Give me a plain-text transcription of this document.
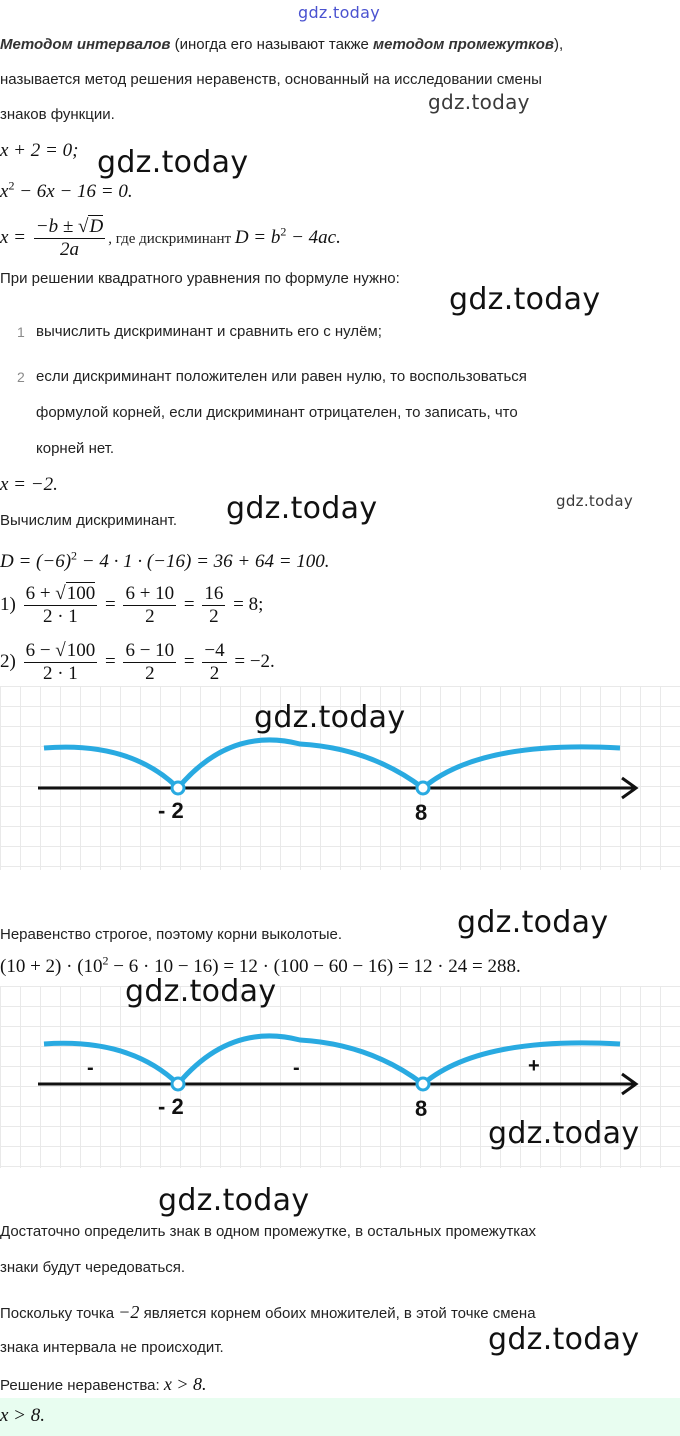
gdz.today
Методом интервалов (иногда его называют также методом промежутков),
называется метод решения неравенств, основанный на исследовании смены
знаков функции.
gdz.today
x + 2 = 0; gdz.today
$x^2 - 6x - 16 = 0$.
$x = \frac{-b \pm √D}{2a}$ , где дискриминант $D = b^2 - 4ac$.
При решении квадратного уравнения по формуле нужно:
gdz.today
1 вычислить дискриминант и сравнить его с нулём;
2 если дискриминант положителен или равен нулю, то воспользоваться
формулой корней, если дискриминант отрицателен, то записать, что
корней нет.
x = −2.
Вычислим дискриминант. gdz.today	gdz.today
$D = (-6)^2 - 4 \cdot 1 \cdot (-16) = 36 + 64 = 100$.
$1) \frac{6 + √100}{2 \cdot 1} = \frac{6 + 10}{2} = \frac{16}{2} = 8$;
$2) \frac{6 - √100}{2 \cdot 1} = \frac{6 - 10}{2} = \frac{-4}{2} = -2$.
- 2	8
gdz.today
Неравенство строгое, поэтому корни выколотые.	gdz.today
$(10 + 2) \cdot (10^2 - 6 \cdot 10 - 16) = 12 \cdot (100 - 60 - 16) = 12 \cdot 24 = 288$.
- 2	8
-	-	+
gdz.today
gdz.today
gdz.today
Достаточно определить знак в одном промежутке, в остальных промежутках
знаки будут чередоваться.
Поскольку точка −2 является корнем обоих множителей, в этой точке смена
знака интервала не происходит.	gdz.today
Решение неравенства: x > 8.
x > 8.
